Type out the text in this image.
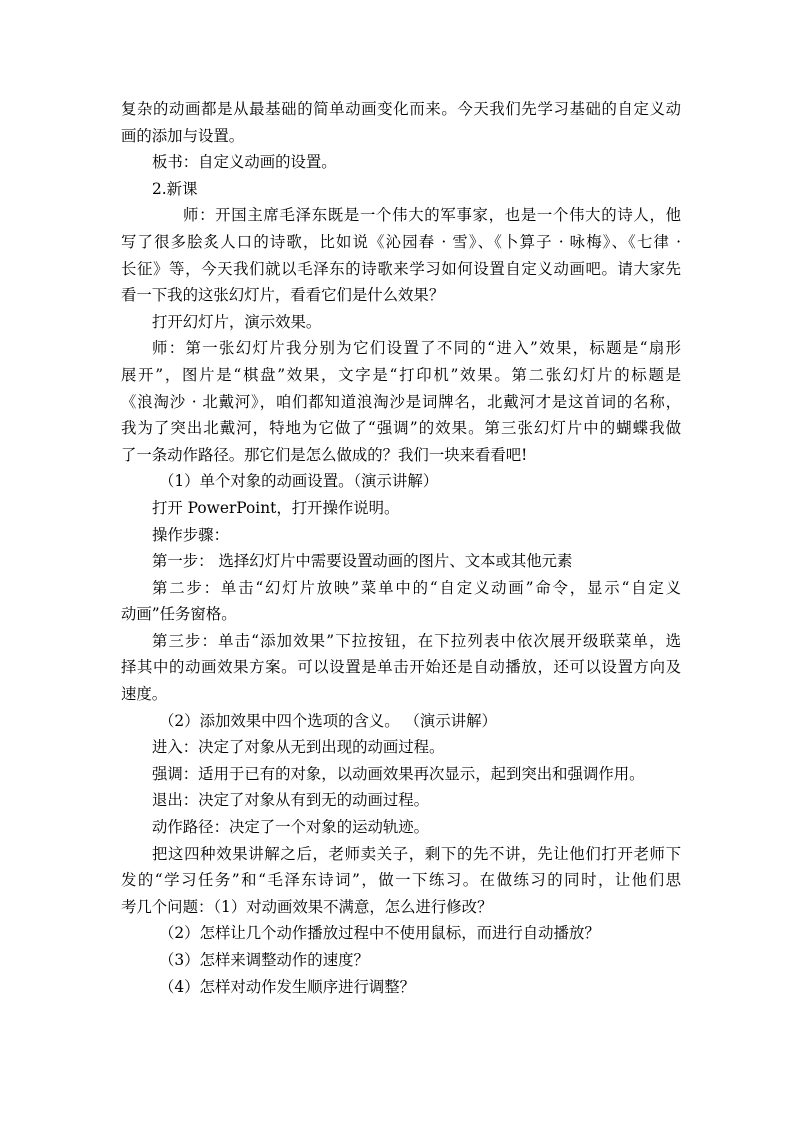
复杂的动画都是从最基础的简单动画变化而来。今天我们先学习基础的自定义动

画的添加与设置。

板书：自定义动画的设置。

2.新课

师：开国主席毛泽东既是一个伟大的军事家，也是一个伟大的诗人，他

写了很多脍炙人口的诗歌，比如说《沁园春 · 雪》、《卜算子 · 咏梅》、《七律 ·

长征》等，今天我们就以毛泽东的诗歌来学习如何设置自定义动画吧。请大家先

看一下我的这张幻灯片，看看它们是什么效果？

打开幻灯片，演示效果。

师：第一张幻灯片我分别为它们设置了不同的“进入”效果，标题是“扇形

展开”，图片是“棋盘”效果，文字是“打印机”效果。第二张幻灯片的标题是

《浪淘沙 · 北戴河》，咱们都知道浪淘沙是词牌名，北戴河才是这首词的名称，

我为了突出北戴河，特地为它做了“强调”的效果。第三张幻灯片中的蝴蝶我做

了一条动作路径。那它们是怎么做成的？我们一块来看看吧!

（1）单个对象的动画设置。（演示讲解）

打开 PowerPoint，打开操作说明。

操作步骤：

第一步： 选择幻灯片中需要设置动画的图片、文本或其他元素

第二步：单击“幻灯片放映”菜单中的“自定义动画”命令，显示“自定义

动画”任务窗格。

第三步：单击“添加效果”下拉按钮，在下拉列表中依次展开级联菜单，选

择其中的动画效果方案。可以设置是单击开始还是自动播放，还可以设置方向及

速度。

（2）添加效果中四个选项的含义。 （演示讲解）

进入：决定了对象从无到出现的动画过程。

强调：适用于已有的对象，以动画效果再次显示，起到突出和强调作用。

退出：决定了对象从有到无的动画过程。

动作路径：决定了一个对象的运动轨迹。

把这四种效果讲解之后，老师卖关子，剩下的先不讲，先让他们打开老师下

发的“学习任务”和“毛泽东诗词”，做一下练习。在做练习的同时，让他们思

考几个问题：（1）对动画效果不满意，怎么进行修改？

（2）怎样让几个动作播放过程中不使用鼠标，而进行自动播放？

（3）怎样来调整动作的速度？

（4）怎样对动作发生顺序进行调整？
